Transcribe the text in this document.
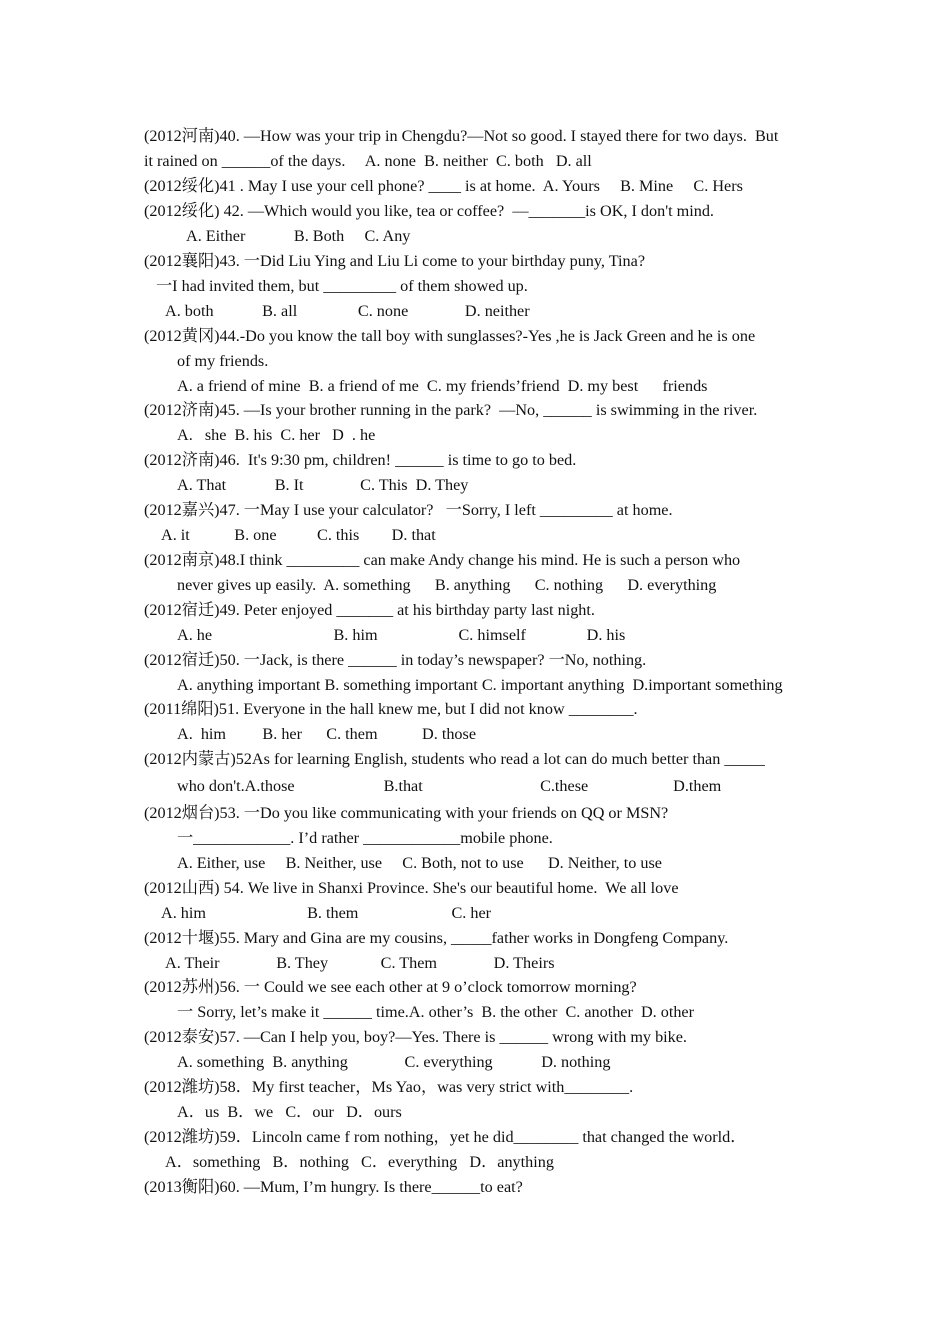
(2012河南)40. —How was your trip in Chengdu?—Not so good. I stayed there for two days.  But
it rained on ______of the days.     A. none  B. neither  C. both   D. all
(2012绥化)41 . May I use your cell phone? ____ is at home.  A. Yours     B. Mine     C. Hers
(2012绥化) 42. —Which would you like, tea or coffee?  —_______is OK, I don't mind.
A. Either            B. Both     C. Any
(2012襄阳)43. 一Did Liu Ying and Liu Li come to your birthday puny, Tina?
一I had invited them, but _________ of them showed up.
A. both            B. all               C. none              D. neither
(2012黄冈)44.-Do you know the tall boy with sunglasses?-Yes ,he is Jack Green and he is one
of my friends.
A. a friend of mine  B. a friend of me  C. my friends’friend  D. my best      friends
(2012济南)45. —Is your brother running in the park?  —No, ______ is swimming in the river.
A.   she  B. his  C. her   D  . he
(2012济南)46.  It's 9:30 pm, children! ______ is time to go to bed.
A. That            B. It              C. This  D. They
(2012嘉兴)47. 一May I use your calculator?   一Sorry, I left _________ at home.
A. it           B. one          C. this        D. that
(2012南京)48.I think _________ can make Andy change his mind. He is such a person who
never gives up easily.  A. something      B. anything      C. nothing      D. everything
(2012宿迁)49. Peter enjoyed _______ at his birthday party last night.
A. he                              B. him                    C. himself               D. his
(2012宿迁)50. 一Jack, is there ______ in today’s newspaper? 一No, nothing.
A. anything important B. something important C. important anything  D.important something
(2011绵阳)51. Everyone in the hall knew me, but I did not know ________.
A.  him         B. her      C. them           D. those
(2012内蒙古)52As for learning English, students who read a lot can do much better than _____
who don't.A.those                      B.that                             C.these                     D.them
(2012烟台)53. 一Do you like communicating with your friends on QQ or MSN?
一____________. I’d rather ____________mobile phone.
A. Either, use     B. Neither, use     C. Both, not to use      D. Neither, to use
(2012山西) 54. We live in Shanxi Province. She's our beautiful home.  We all love
A. him                         B. them                       C. her
(2012十堰)55. Mary and Gina are my cousins, _____father works in Dongfeng Company.
A. Their              B. They             C. Them              D. Theirs
(2012苏州)56. 一 Could we see each other at 9 o’clock tomorrow morning?
一 Sorry, let’s make it ______ time.A. other’s  B. the other  C. another  D. other
(2012泰安)57. —Can I help you, boy?—Yes. There is ______ wrong with my bike.
A. something  B. anything              C. everything            D. nothing
(2012潍坊)58．My first teacher，Ms Yao，was very strict with________.
A．us  B．we   C．our   D．ours
(2012潍坊)59．Lincoln came f rom nothing，yet he did________ that changed the world．
A．something   B．nothing   C．everything   D．anything
(2013衡阳)60. —Mum, I’m hungry. Is there______to eat?
